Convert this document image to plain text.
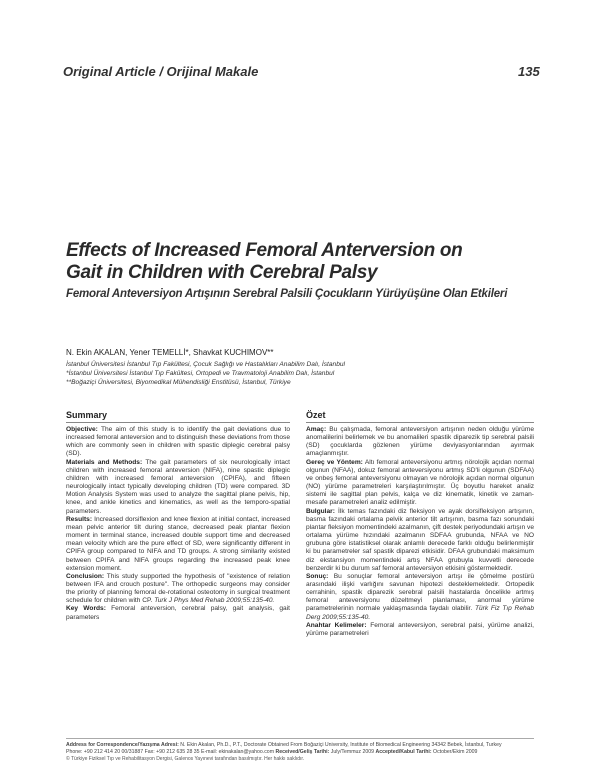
Original Article / Orijinal Makale	135
Effects of Increased Femoral Anterversion on
Gait in Children with Cerebral Palsy
Femoral Anteversiyon Artışının Serebral Palsili Çocukların Yürüyüşüne Olan Etkileri
N. Ekin AKALAN, Yener TEMELLİ*, Shavkat KUCHIMOV**
İstanbul Üniversitesi İstanbul Tıp Fakültesi, Çocuk Sağlığı ve Hastalıkları Anabilim Dalı, İstanbul
*İstanbul Üniversitesi İstanbul Tıp Fakültesi, Ortopedi ve Travmatoloji Anabilim Dalı, İstanbul
**Boğaziçi Üniversitesi, Biyomedikal Mühendisliği Enstitüsü, İstanbul, Türkiye
Summary
Objective: The aim of this study is to identify the gait deviations due to increased femoral anteversion and to distinguish these deviations from those which are commonly seen in children with spastic diplegic cerebral palsy (SD).
Materials and Methods: The gait parameters of six neurologically intact children with increased femoral anteversion (NIFA), nine spastic diplegic children with increased femoral anteversion (CPIFA), and fifteen neurologically intact typically developing children (TD) were compared. 3D Motion Analysis System was used to analyze the sagittal plane pelvis, hip, knee, and ankle kinetics and kinematics, as well as the temporo-spatial parameters.
Results: Increased dorsiflexion and knee flexion at initial contact, increased mean pelvic anterior tilt during stance, decreased peak plantar flexion moment in terminal stance, increased double support time and decreased mean velocity which are the pure effect of SD, were significantly different in CPIFA group compared to NIFA and TD groups. A strong similarity existed between CPIFA and NIFA groups regarding the increased peak knee extension moment.
Conclusion: This study supported the hypothesis of "existence of relation between IFA and crouch posture". The orthopedic surgeons may consider the priority of planning femoral de-rotational osteotomy in surgical treatment schedule for children with CP. Turk J Phys Med Rehab 2009;55:135-40.
Key Words: Femoral anteversion, cerebral palsy, gait analysis, gait parameters
Özet
Amaç: Bu çalışmada, femoral anteversiyon artışının neden olduğu yürüme anomalilerini belirlemek ve bu anomalileri spastik diparezik tip serebral palsili (SD) çocuklarda gözlenen yürüme deviyasyonlarından ayırmak amaçlanmıştır.
Gereç ve Yöntem: Altı femoral anteversiyonu artmış nörolojik açıdan normal olgunun (NFAA), dokuz femoral anteversiyonu artmış SD'li olgunun (SDFAA) ve onbeş femoral anteversiyonu olmayan ve nörolojik açıdan normal olgunun (NO) yürüme parametreleri karşılaştırılmıştır. Üç boyutlu hareket analiz sistemi ile sagittal plan pelvis, kalça ve diz kinematik, kinetik ve zaman-mesafe parametreleri analiz edilmiştir.
Bulgular: İlk temas fazındaki diz fleksiyon ve ayak dorsifleksiyon artışının, basma fazındaki ortalama pelvik anterior tilt artışının, basma fazı sonundaki plantar fleksiyon momentindeki azalmanın, çift destek periyodundaki artışın ve ortalama yürüme hızındaki azalmanın SDFAA grubunda, NFAA ve NO grubuna göre istatistiksel olarak anlamlı derecede farklı olduğu belirlenmiştir ki bu parametreler saf spastik diparezi etkisidir. DFAA grubundaki maksimum diz ekstansiyon momentindeki artış NFAA grubuyla kuvvetli derecede benzerdir ki bu durum saf femoral anteversiyon etkisini göstermektedir.
Sonuç: Bu sonuçlar femoral anteversiyon artışı ile çömelme postürü arasındaki ilişki varlığını savunan hipotezi desteklemektedir. Ortopedik cerrahinin, spastik diparezik serebral palsili hastalarda öncelikle artmış femoral anteversiyonu düzeltmeyi planlaması, anormal yürüme parametrelerinin normale yaklaşmasında faydalı olabilir. Türk Fiz Tıp Rehab Derg 2009;55:135-40.
Anahtar Kelimeler: Femoral anteversiyon, serebral palsi, yürüme analizi, yürüme parametreleri
Address for Correspondence/Yazışma Adresi: N. Ekin Akalan, Ph.D., P.T., Doctorate Obtained From Boğaziçi University, Institute of Biomedical Engineering 34342 Bebek, İstanbul, Turkey
Phone: +90 212 414 20 00/31887 Fax: +90 212 635 28 35 E-mail: ekinakalan@yahoo.com Received/Geliş Tarihi: July/Temmuz 2009 Accepted/Kabul Tarihi: October/Ekim 2009
© Türkiye Fiziksel Tıp ve Rehabilitasyon Dergisi, Galenos Yayınevi tarafından basılmıştır. Her hakkı saklıdır.
